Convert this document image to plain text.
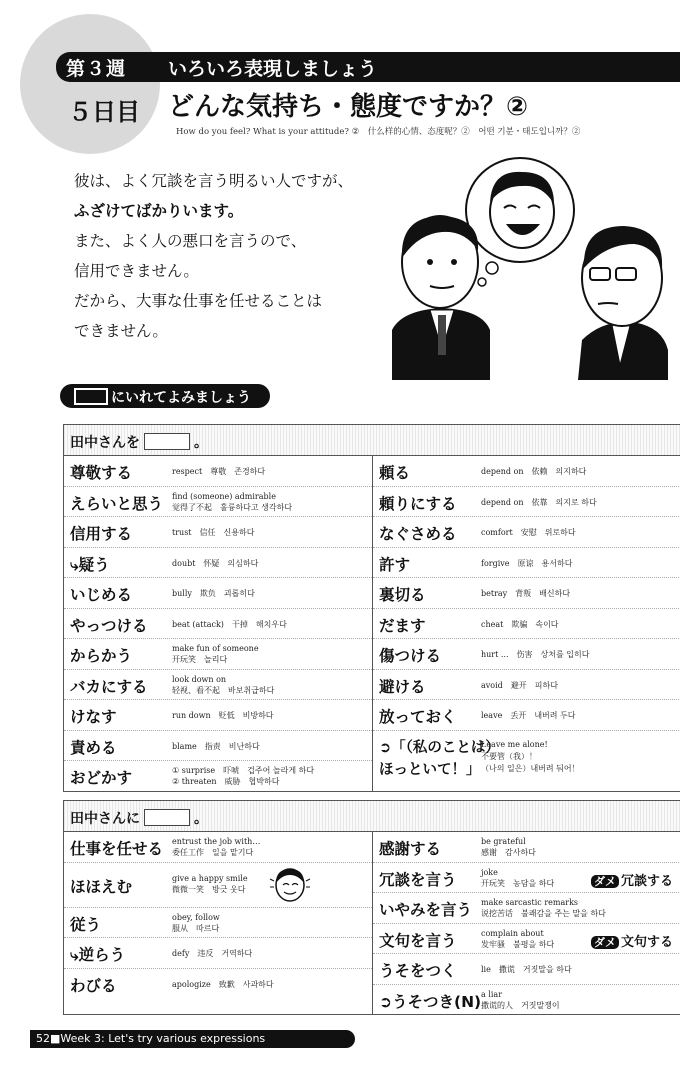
第３週 いろいろ表現しましょう
５日目 どんな気持ち・態度ですか？②
How do you feel? What is your attitude? ②　什么样的心情、态度呢？②　어떤 기분・태도입니까？②
彼は、よく冗談を言う明るい人ですが、
ふざけてばかりいます。
また、よく人の悪口を言うので、
信用できません。
だから、大事な仕事を任せることは
できません。
にいれてよみましょう
田中さんを	。
尊敬する	respect　尊敬　존경하다
えらいと思う find (someone) admirable
觉得了不起　훌륭하다고 생각하다
信用する	trust　信任　신용하다
⤷疑う	doubt　怀疑　의심하다
いじめる	bully　欺负　괴롭히다
やっつける	beat (attack)　干掉　해치우다
からかう	make fun of someone
开玩笑　놀리다
バカにする	look down on
轻视、看不起　바보취급하다
けなす	run down　贬低　비방하다
責める	blame　指责　비난하다
おどかす	① surprise　吓唬　겁주어 놀라게 하다
② threaten　威胁　협박하다
頼る	depend on　依赖　의지하다
頼りにする	depend on　依靠　의지로 하다
なぐさめる	comfort　安慰　위로하다
許す	forgive　原谅　용서하다
裏切る	betray　背叛　배신하다
だます	cheat　欺骗　속이다
傷つける	hurt ...　伤害　상처를 입히다
避ける	avoid　避开　피하다
放っておく	leave　丢开　내버려 두다
➲「（私のことは）
ほっといて！」
Leave me alone!
不要管（我）！
（나의 일은）내버려 둬어！
田中さんに	。
仕事を任せる entrust the job with…
委任工作　일을 맡기다
ほほえむ	give a happy smile
微微一笑　방긋 웃다
従う	obey, follow
服从　따르다
⤷逆らう	defy　违反　거역하다
わびる	apologize　致歉　사과하다
感謝する	be grateful
感谢　감사하다
冗談を言う	joke
开玩笑　농담을 하다	ダメ 冗談する
いやみを言う make sarcastic remarks
说挖苦话　불쾌감을 주는 말을 하다
文句を言う	complain about
发牢骚　불평을 하다	ダメ 文句する
うそをつく	lie　撒谎　거짓말을 하다
➲うそつき(N) a liar
撒谎的人　거짓말쟁이
52■Week 3: Let's try various expressions
